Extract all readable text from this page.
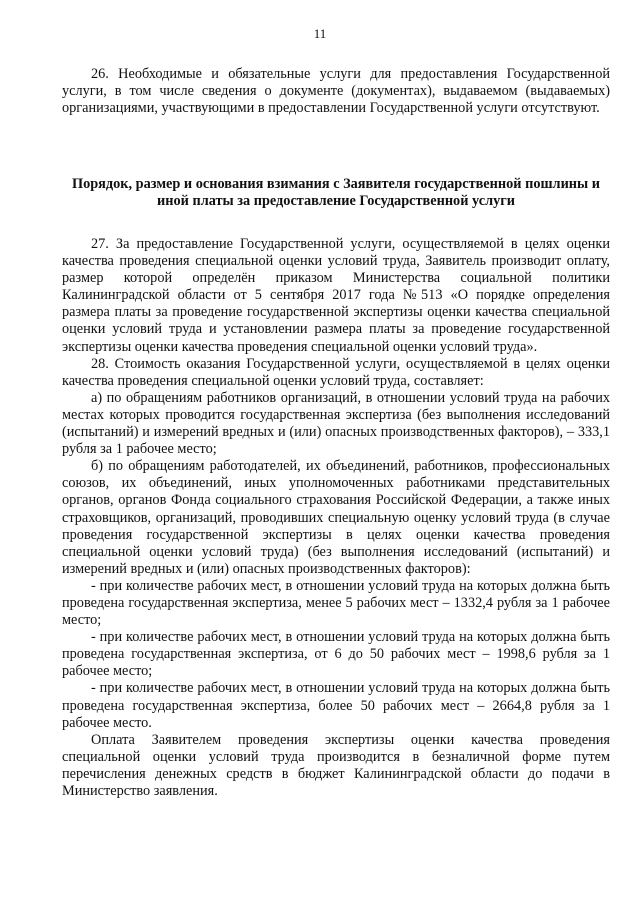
11

26. Необходимые и обязательные услуги для предоставления Государственной услуги, в том числе сведения о документе (документах), выдаваемом (выдаваемых) организациями, участвующими в предоставлении Государственной услуги отсутствуют.

Порядок, размер и основания взимания с Заявителя государственной пошлины и иной платы за предоставление Государственной услуги

27. За предоставление Государственной услуги, осуществляемой в целях оценки качества проведения специальной оценки условий труда, Заявитель производит оплату, размер которой определён приказом Министерства социальной политики Калининградской области от 5 сентября 2017 года №513 «О порядке определения размера платы за проведение государственной экспертизы оценки качества специальной оценки условий труда и установлении размера платы за проведение государственной экспертизы оценки качества проведения специальной оценки условий труда».

28. Стоимость оказания Государственной услуги, осуществляемой в целях оценки качества проведения специальной оценки условий труда, составляет:

а) по обращениям работников организаций, в отношении условий труда на рабочих местах которых проводится государственная экспертиза (без выполнения исследований (испытаний) и измерений вредных и (или) опасных производственных факторов), – 333,1 рубля за 1 рабочее место;

б) по обращениям работодателей, их объединений, работников, профессиональных союзов, их объединений, иных уполномоченных работниками представительных органов, органов Фонда социального страхования Российской Федерации, а также иных страховщиков, организаций, проводивших специальную оценку условий труда (в случае проведения государственной экспертизы в целях оценки качества проведения специальной оценки условий труда) (без выполнения исследований (испытаний) и измерений вредных и (или) опасных производственных факторов):

- при количестве рабочих мест, в отношении условий труда на которых должна быть проведена государственная экспертиза, менее 5 рабочих мест – 1332,4 рубля за 1 рабочее место;

- при количестве рабочих мест, в отношении условий труда на которых должна быть проведена государственная экспертиза, от 6 до 50 рабочих мест – 1998,6 рубля за 1 рабочее место;

- при количестве рабочих мест, в отношении условий труда на которых должна быть проведена государственная экспертиза, более 50 рабочих мест – 2664,8 рубля за 1 рабочее место.

Оплата Заявителем проведения экспертизы оценки качества проведения специальной оценки условий труда производится в безналичной форме путем перечисления денежных средств в бюджет Калининградской области до подачи в Министерство заявления.
